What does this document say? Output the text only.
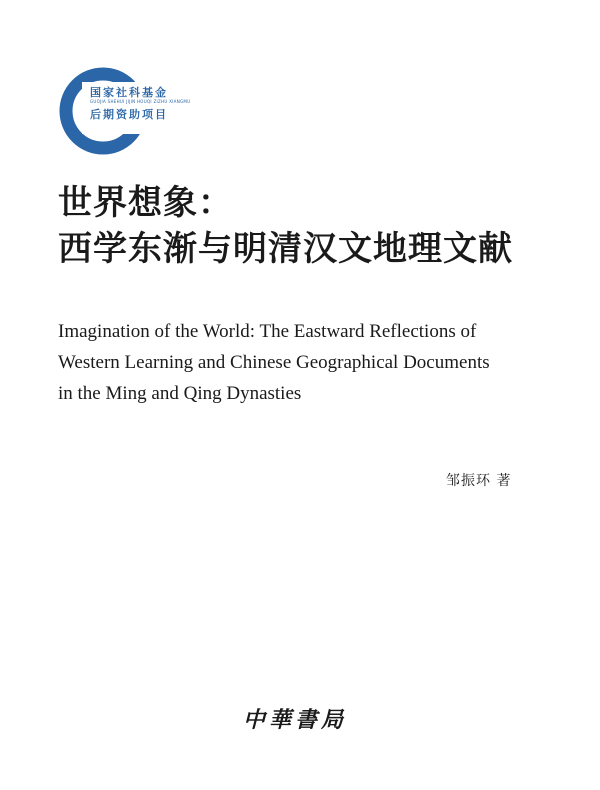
国家社科基金
GUOJIA SHEHUI JIJIN HOUQI ZIZHU XIANGMU
后期资助项目
世界想象：
西学东渐与明清汉文地理文献
Imagination of the World: The Eastward Reflections of
Western Learning and Chinese Geographical Documents
in the Ming and Qing Dynasties
邹振环 著
中華書局
